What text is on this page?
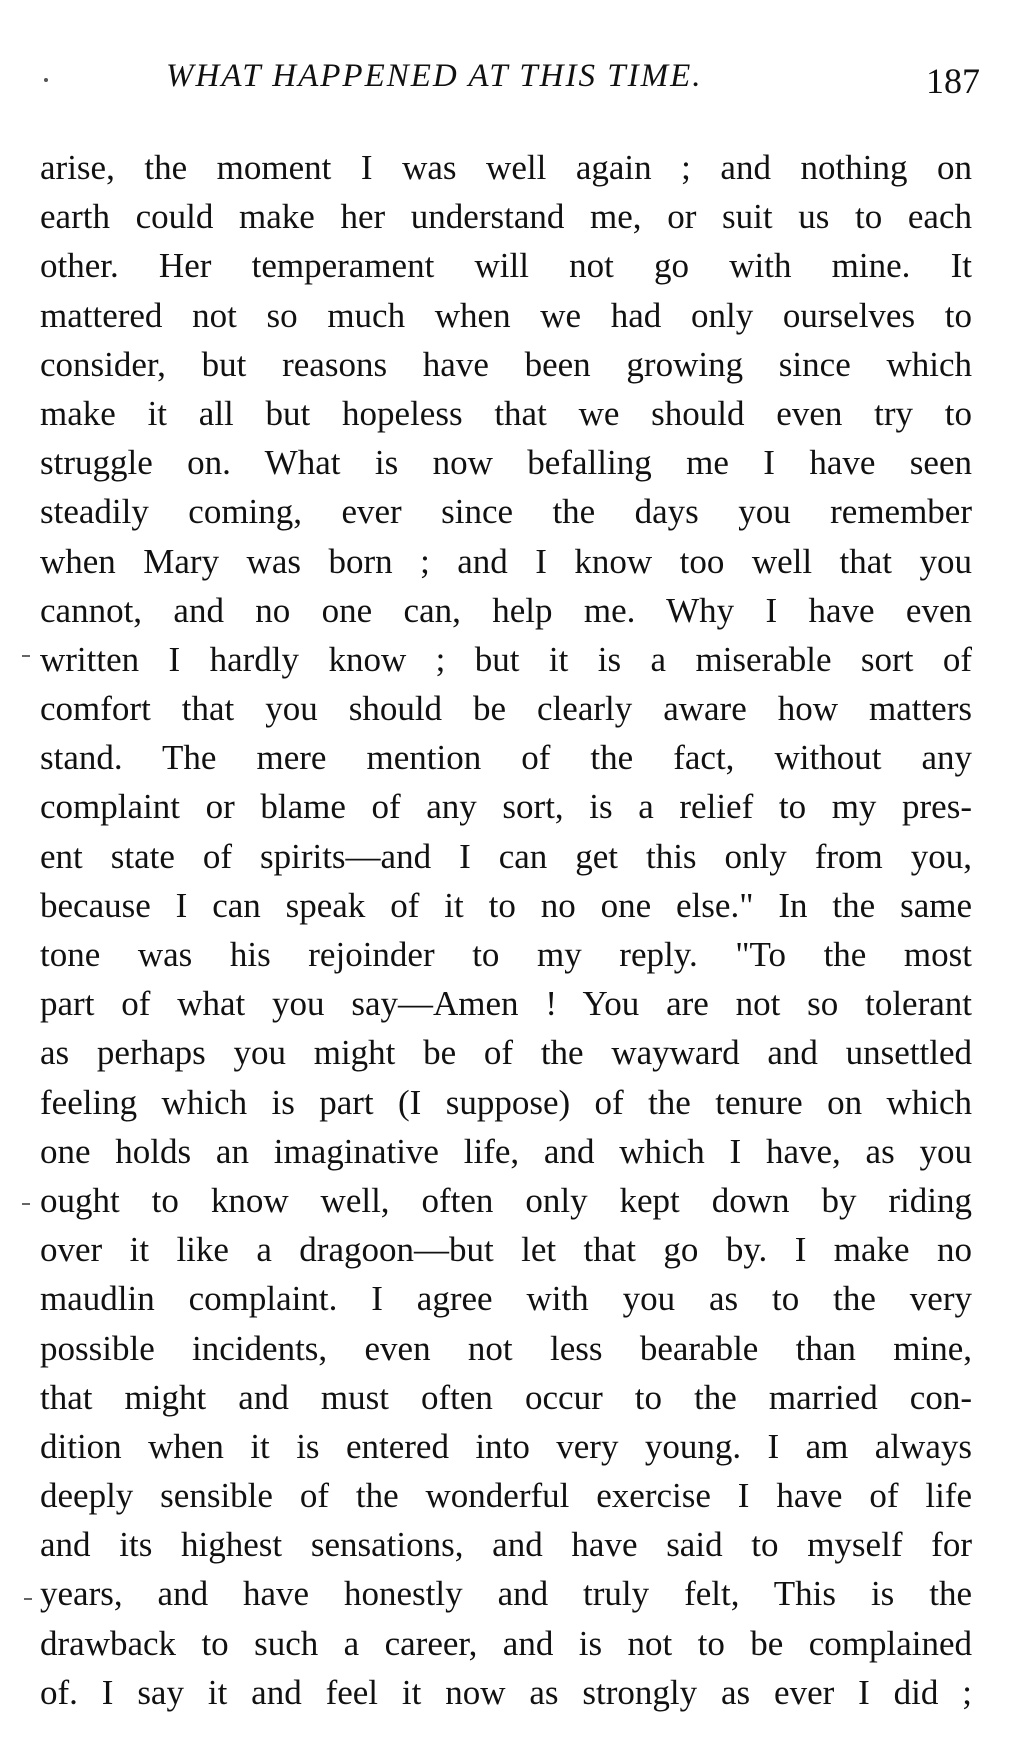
WHAT HAPPENED AT THIS TIME.	187
arise, the moment I was well again ; and nothing on
earth could make her understand me, or suit us to each
other. Her temperament will not go with mine. It
mattered not so much when we had only ourselves to
consider, but reasons have been growing since which
make it all but hopeless that we should even try to
struggle on. What is now befalling me I have seen
steadily coming, ever since the days you remember
when Mary was born ; and I know too well that you
cannot, and no one can, help me. Why I have even
written I hardly know ; but it is a miserable sort of
comfort that you should be clearly aware how matters
stand. The mere mention of the fact, without any
complaint or blame of any sort, is a relief to my pres-
ent state of spirits—and I can get this only from you,
because I can speak of it to no one else." In the same
tone was his rejoinder to my reply. "To the most
part of what you say—Amen ! You are not so tolerant
as perhaps you might be of the wayward and unsettled
feeling which is part (I suppose) of the tenure on which
one holds an imaginative life, and which I have, as you
ought to know well, often only kept down by riding
over it like a dragoon—but let that go by. I make no
maudlin complaint. I agree with you as to the very
possible incidents, even not less bearable than mine,
that might and must often occur to the married con-
dition when it is entered into very young. I am always
deeply sensible of the wonderful exercise I have of life
and its highest sensations, and have said to myself for
years, and have honestly and truly felt, This is the
drawback to such a career, and is not to be complained
of. I say it and feel it now as strongly as ever I did ;
